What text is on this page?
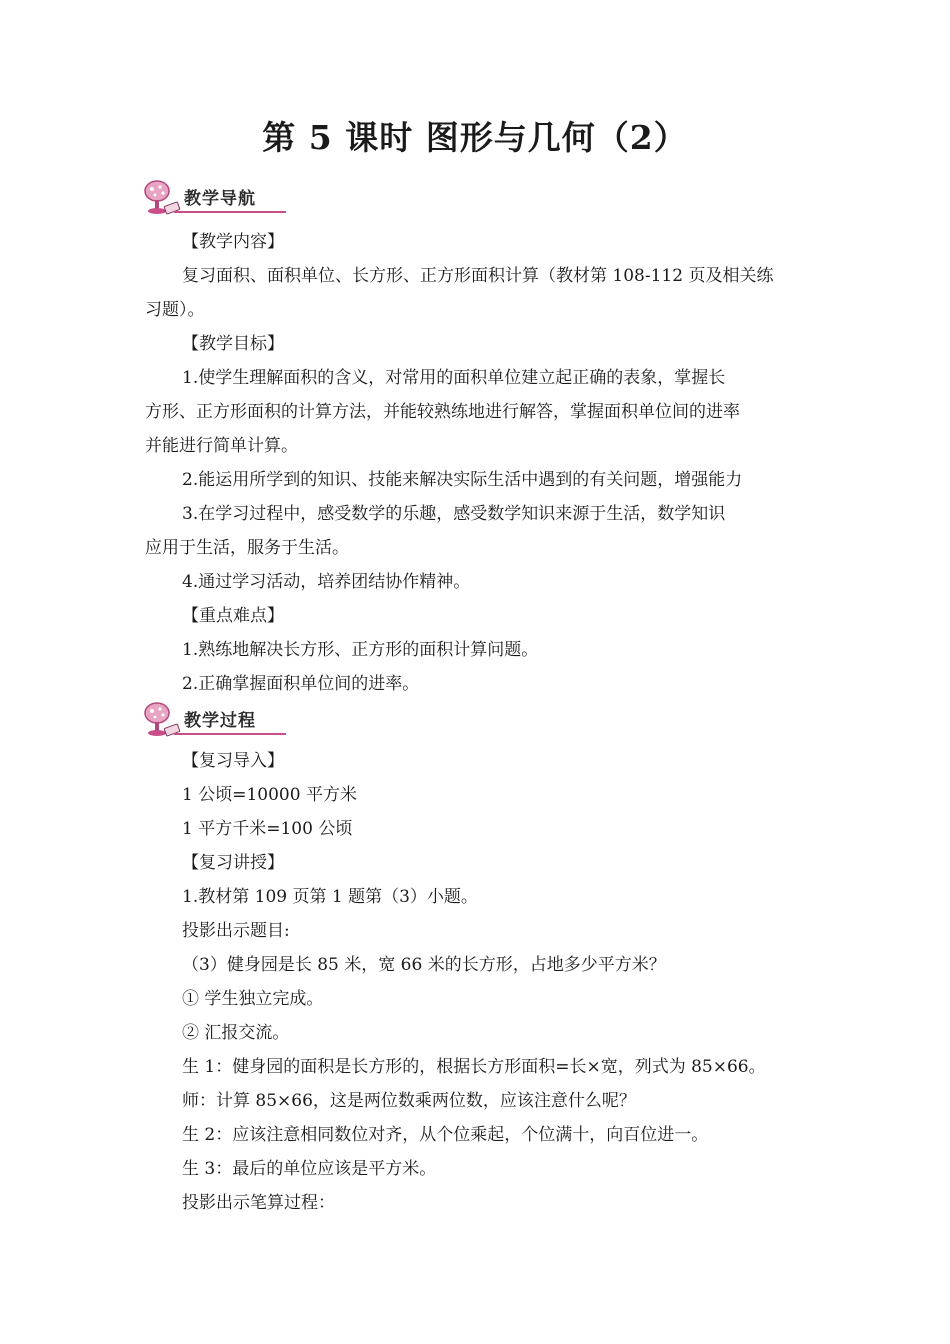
第 5 课时 图形与几何（2）
教学导航

【教学内容】

复习面积、面积单位、长方形、正方形面积计算（教材第 108-112 页及相关练

习题）。

【教学目标】

1.使学生理解面积的含义，对常用的面积单位建立起正确的表象，掌握长

方形、正方形面积的计算方法，并能较熟练地进行解答，掌握面积单位间的进率

并能进行简单计算。

2.能运用所学到的知识、技能来解决实际生活中遇到的有关问题，增强能力

3.在学习过程中，感受数学的乐趣，感受数学知识来源于生活，数学知识

应用于生活，服务于生活。

4.通过学习活动，培养团结协作精神。

【重点难点】

1.熟练地解决长方形、正方形的面积计算问题。

2.正确掌握面积单位间的进率。

教学过程

【复习导入】

1 公顷=10000 平方米

1 平方千米=100 公顷

【复习讲授】

1.教材第 109 页第 1 题第（3）小题。

投影出示题目:

（3）健身园是长 85 米，宽 66 米的长方形，占地多少平方米？

① 学生独立完成。

② 汇报交流。

生 1：健身园的面积是长方形的，根据长方形面积=长×宽，列式为 85×66。

师：计算 85×66，这是两位数乘两位数，应该注意什么呢？

生 2：应该注意相同数位对齐，从个位乘起，个位满十，向百位进一。

生 3：最后的单位应该是平方米。

投影出示笔算过程：
